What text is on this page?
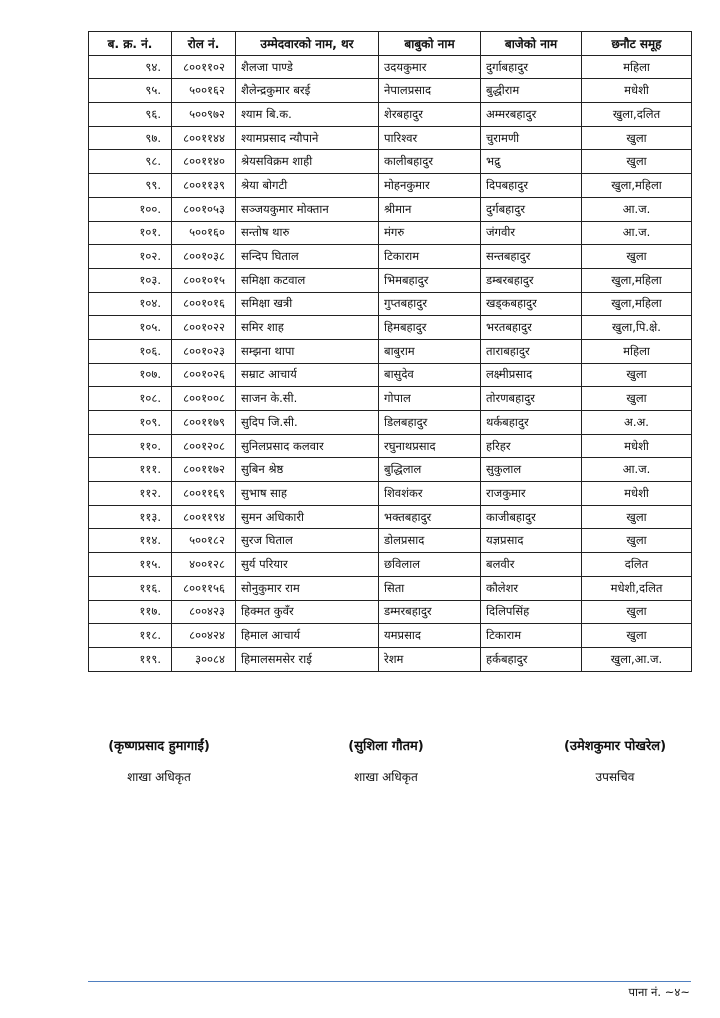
ब. क्र. नं.	रोल नं.	उम्मेदवारको नाम, थर	बाबुको नाम	बाजेको नाम	छनौट समूह
९४.	८००११०२	शैलजा पाण्डे	उदयकुमार	दुर्गाबहादुर	महिला
९५.	५००१६२	शैलेन्द्रकुमार बरई	नेपालप्रसाद	बुद्धीराम	मधेशी
९६.	५००९७२	श्याम बि.क.	शेरबहादुर	अम्मरबहादुर	खुला,दलित
९७.	८००११४४	श्यामप्रसाद न्यौपाने	पारिश्वर	चुरामणी	खुला
९८.	८००११४०	श्रेयसविक्रम शाही	कालीबहादुर	भद्रु	खुला
९९.	८००११३९	श्रेया बोगटी	मोहनकुमार	दिपबहादुर	खुला,महिला
१००.	८००१०५३	सञ्जयकुमार मोक्तान	श्रीमान	दुर्गबहादुर	आ.ज.
१०१.	५००१६०	सन्तोष थारु	मंगरु	जंगवीर	आ.ज.
१०२.	८००१०३८	सन्दिप घिताल	टिकाराम	सन्तबहादुर	खुला
१०३.	८००१०१५	समिक्षा कटवाल	भिमबहादुर	डम्बरबहादुर	खुला,महिला
१०४.	८००१०१६	समिक्षा खत्री	गुप्तबहादुर	खड्कबहादुर	खुला,महिला
१०५.	८००१०२२	समिर शाह	हिमबहादुर	भरतबहादुर	खुला,पि.क्षे.
१०६.	८००१०२३	सम्झना थापा	बाबुराम	ताराबहादुर	महिला
१०७.	८००१०२६	सम्राट आचार्य	बासुदेव	लक्ष्मीप्रसाद	खुला
१०८.	८००१००८	साजन के.सी.	गोपाल	तोरणबहादुर	खुला
१०९.	८००११७९	सुदिप जि.सी.	डिलबहादुर	थर्कबहादुर	अ.अ.
११०.	८००१२०८	सुनिलप्रसाद कलवार	रघुनाथप्रसाद	हरिहर	मधेशी
१११.	८००११७२	सुबिन श्रेष्ठ	बुद्धिलाल	सुकुलाल	आ.ज.
११२.	८००११६९	सुभाष साह	शिवशंकर	राजकुमार	मधेशी
११३.	८००११९४	सुमन अधिकारी	भक्तबहादुर	काजीबहादुर	खुला
११४.	५००१८२	सुरज घिताल	डोलप्रसाद	यज्ञप्रसाद	खुला
११५.	४००१२८	सुर्य परियार	छविलाल	बलवीर	दलित
११६.	८००११५६	सोनुकुमार राम	सिता	कौलेशर	मधेशी,दलित
११७.	८००४२३	हिक्मत कुवँर	डम्मरबहादुर	दिलिपसिंह	खुला
११८.	८००४२४	हिमाल आचार्य	यमप्रसाद	टिकाराम	खुला
११९.	३००८४	हिमालसमसेर राई	रेशम	हर्कबहादुर	खुला,आ.ज.
(कृष्णप्रसाद हुमागाईं)
शाखा अधिकृत
(सुशिला गौतम)
शाखा अधिकृत
(उमेशकुमार पोखरेल)
उपसचिव
पाना नं. ~४~
